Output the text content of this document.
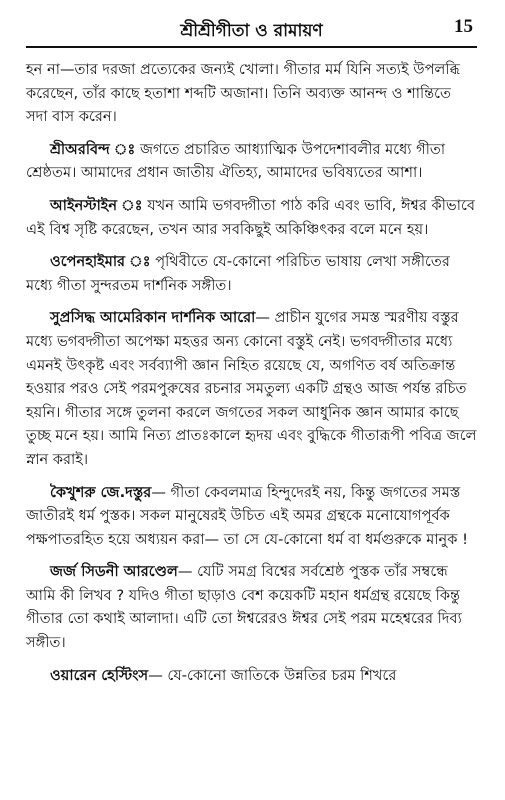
শ্রীশ্রীগীতা ও রামায়ণ	15

হন না—তার দরজা প্রত্যেকের জন্যই খোলা। গীতার মর্ম যিনি সত্যই উপলব্ধি করেছেন, তাঁর কাছে হতাশা শব্দটি অজানা। তিনি অব্যক্ত আনন্দ ও শান্তিতে সদা বাস করেন।

শ্রীঅরবিন্দ ঃ জগতে প্রচারিত আধ্যাত্মিক উপদেশাবলীর মধ্যে গীতা শ্রেষ্ঠতম। আমাদের প্রধান জাতীয় ঐতিহ্য, আমাদের ভবিষ্যতের আশা।

আইনস্টাইন ঃ যখন আমি ভগবদ্গীতা পাঠ করি এবং ভাবি, ঈশ্বর কীভাবে এই বিশ্ব সৃষ্টি করেছেন, তখন আর সবকিছুই অকিঞ্চিৎকর বলে মনে হয়।

ওপেনহাইমার ঃ পৃথিবীতে যে-কোনো পরিচিত ভাষায় লেখা সঙ্গীতের মধ্যে গীতা সুন্দরতম দার্শনিক সঙ্গীত।

সুপ্রসিদ্ধ আমেরিকান দার্শনিক আরো— প্রাচীন যুগের সমস্ত স্মরণীয় বস্তুর মধ্যে ভগবদ্গীতা অপেক্ষা মহত্তর অন্য কোনো বস্তুই নেই। ভগবদ্গীতার মধ্যে এমনই উৎকৃষ্ট এবং সর্বব্যাপী জ্ঞান নিহিত রয়েছে যে, অগণিত বর্ষ অতিক্রান্ত হওয়ার পরও সেই পরমপুরুষের রচনার সমতুল্য একটি গ্রন্থও আজ পর্যন্ত রচিত হয়নি। গীতার সঙ্গে তুলনা করলে জগতের সকল আধুনিক জ্ঞান আমার কাছে তুচ্ছ মনে হয়। আমি নিত্য প্রাতঃকালে হৃদয় এবং বুদ্ধিকে গীতারূপী পবিত্র জলে স্নান করাই।

কৈখুশরু জে.দস্তুর— গীতা কেবলমাত্র হিন্দুদেরই নয়, কিন্তু জগতের সমস্ত জাতীরই ধর্ম পুস্তক। সকল মানুষেরই উচিত এই অমর গ্রন্থকে মনোযোগপূর্বক পক্ষপাতরহিত হয়ে অধ্যয়ন করা— তা সে যে-কোনো ধর্ম বা ধর্মগুরুকে মানুক !

জর্জ সিডনী আরণ্ডেল— যেটি সমগ্র বিশ্বের সর্বশ্রেষ্ঠ পুস্তক তাঁর সম্বন্ধে আমি কী লিখব ? যদিও গীতা ছাড়াও বেশ কয়েকটি মহান ধর্মগ্রন্থ রয়েছে কিন্তু গীতার তো কথাই আলাদা। এটি তো ঈশ্বরেরও ঈশ্বর সেই পরম মহেশ্বরের দিব্য সঙ্গীত।

ওয়ারেন হেস্টিংস— যে-কোনো জাতিকে উন্নতির চরম শিখরে
